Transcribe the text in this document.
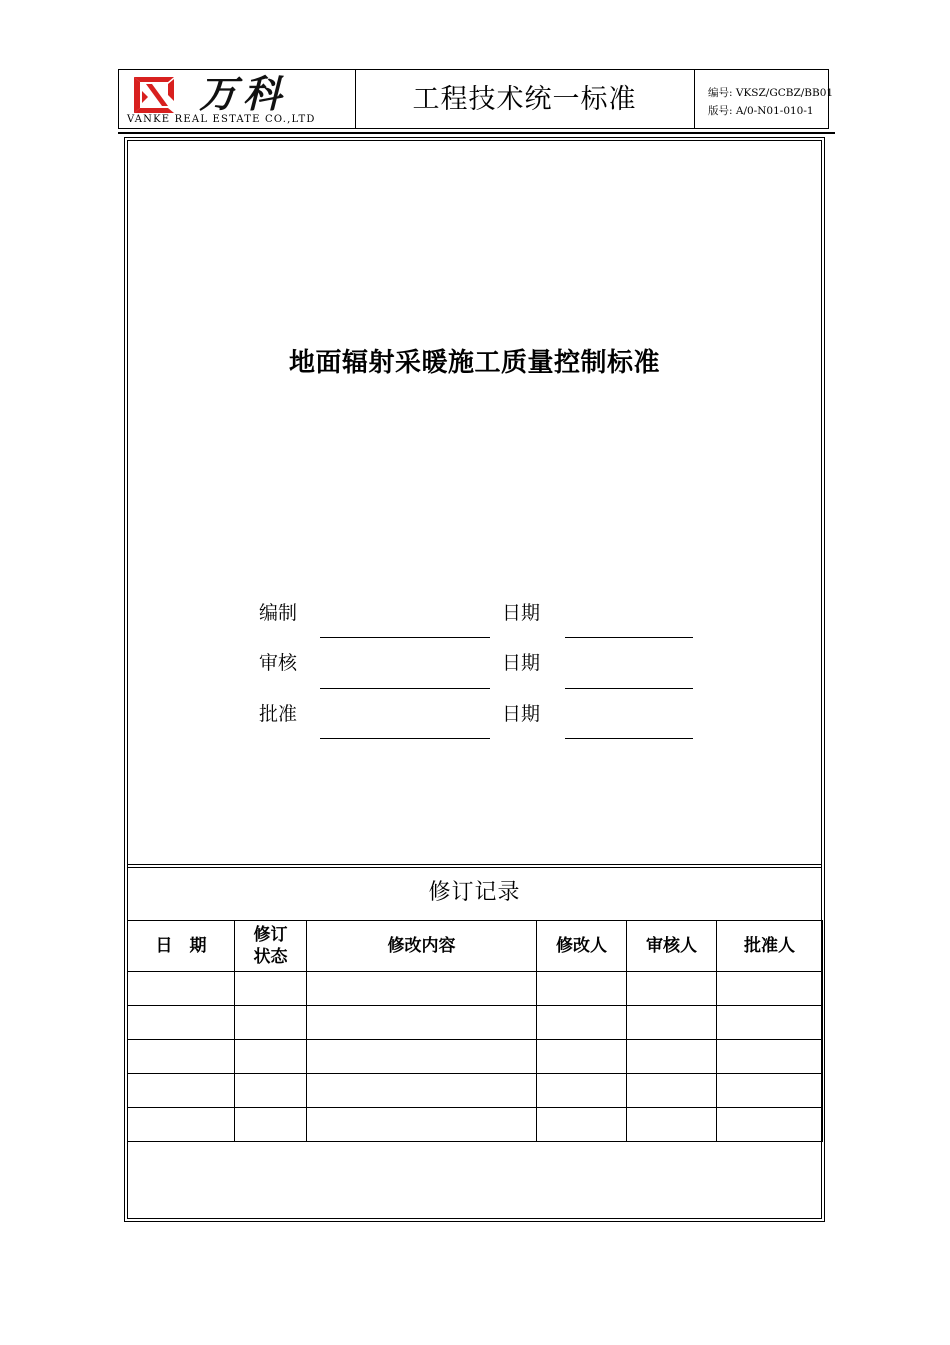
万科
VANKE REAL ESTATE CO.,LTD
工程技术统一标准	编号: VKSZ/GCBZ/BB01
版号: A/0-N01-010-1
地面辐射采暖施工质量控制标准
编制	日期
审核	日期
批准	日期
修订记录
日　期	修订状态	修改内容	修改人	审核人	批准人
